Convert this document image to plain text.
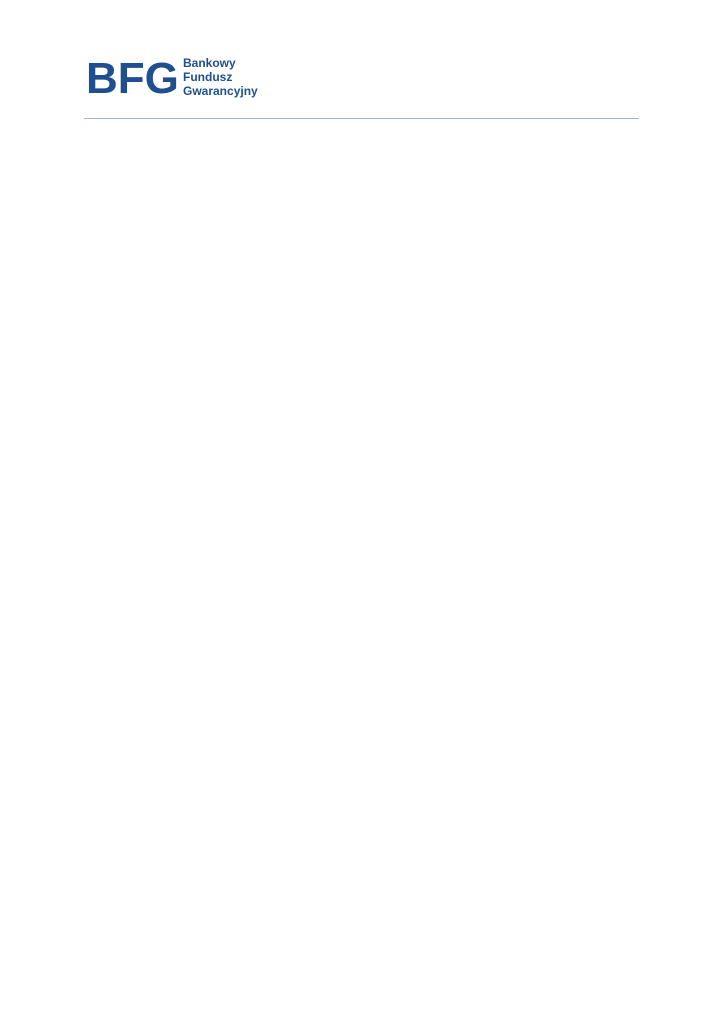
BFG Bankowy
Fundusz
Gwarancyjny
